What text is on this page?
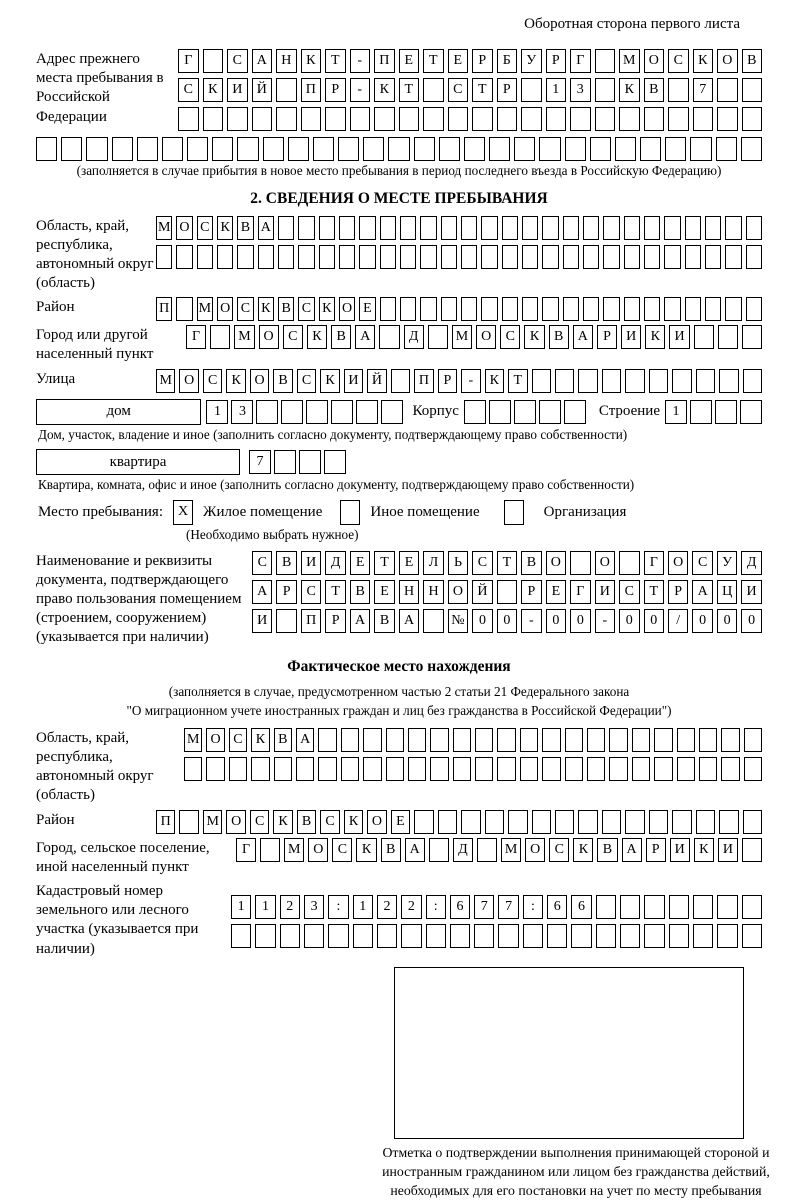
Оборотная сторона первого листа
Адрес прежнего места пребывания в Российской Федерации
Г	С	А	Н	К	Т	-	П	Е	Т	Е	Р	Б	У	Р	Г	М О	С	К	О	В
С	К	И	Й	П	Р	-	К	Т	С	Т	Р	1	3	К	В	7
(заполняется в случае прибытия в новое место пребывания в период последнего въезда в Российскую Федерацию)
2. СВЕДЕНИЯ О МЕСТЕ ПРЕБЫВАНИЯ
Область, край, республика, автономный округ (область)
М О С К В А
Район	П М О С К В С К О Е
Город или другой населенный пункт
Г	М О	С	К	В	А	Д	М О	С	К	В	А	Р	И	К	И
Улица	М О С	К О В	С	К И Й	П	Р	-	К	Т
дом	1	3	Корпус	Строение 1
Дом, участок, владение и иное (заполнить согласно документу, подтверждающему право собственности)
квартира	7
Квартира, комната, офис и иное (заполнить согласно документу, подтверждающему право собственности)
Место пребывания:	X Жилое помещение	Иное помещение	Организация
(Необходимо выбрать нужное)
Наименование и реквизиты документа, подтверждающего право пользования помещением (строением, сооружением) (указывается при наличии)
С	В	И	Д	Е	Т	Е	Л	Ь	С	Т	В	О	О	Г	О	С	У	Д
А	Р	С	Т	В	Е	Н	Н	О	Й	Р	Е	Г	И	С	Т	Р	А	Ц	И
И	П	Р	А	В	А	№	0	0	-	0	0	-	0	0	/	0	0	0
Фактическое место нахождения
(заполняется в случае, предусмотренном частью 2 статьи 21 Федерального закона
"О миграционном учете иностранных граждан и лиц без гражданства в Российской Федерации")
Область, край, республика, автономный округ (область)
М О С К В А
Район	П	М О С	К	В	С	К О	Е
Город, сельское поселение, иной населенный пункт
Г	М О	С	К	В	А	Д	М О	С	К	В	А	Р	И	К	И
Кадастровый номер земельного или лесного участка (указывается при наличии)
1	1	2	3	:	1	2	2	:	6	7	7	:	6	6
Отметка о подтверждении выполнения принимающей стороной и иностранным гражданином или лицом без гражданства действий, необходимых для его постановки на учет по месту пребывания
